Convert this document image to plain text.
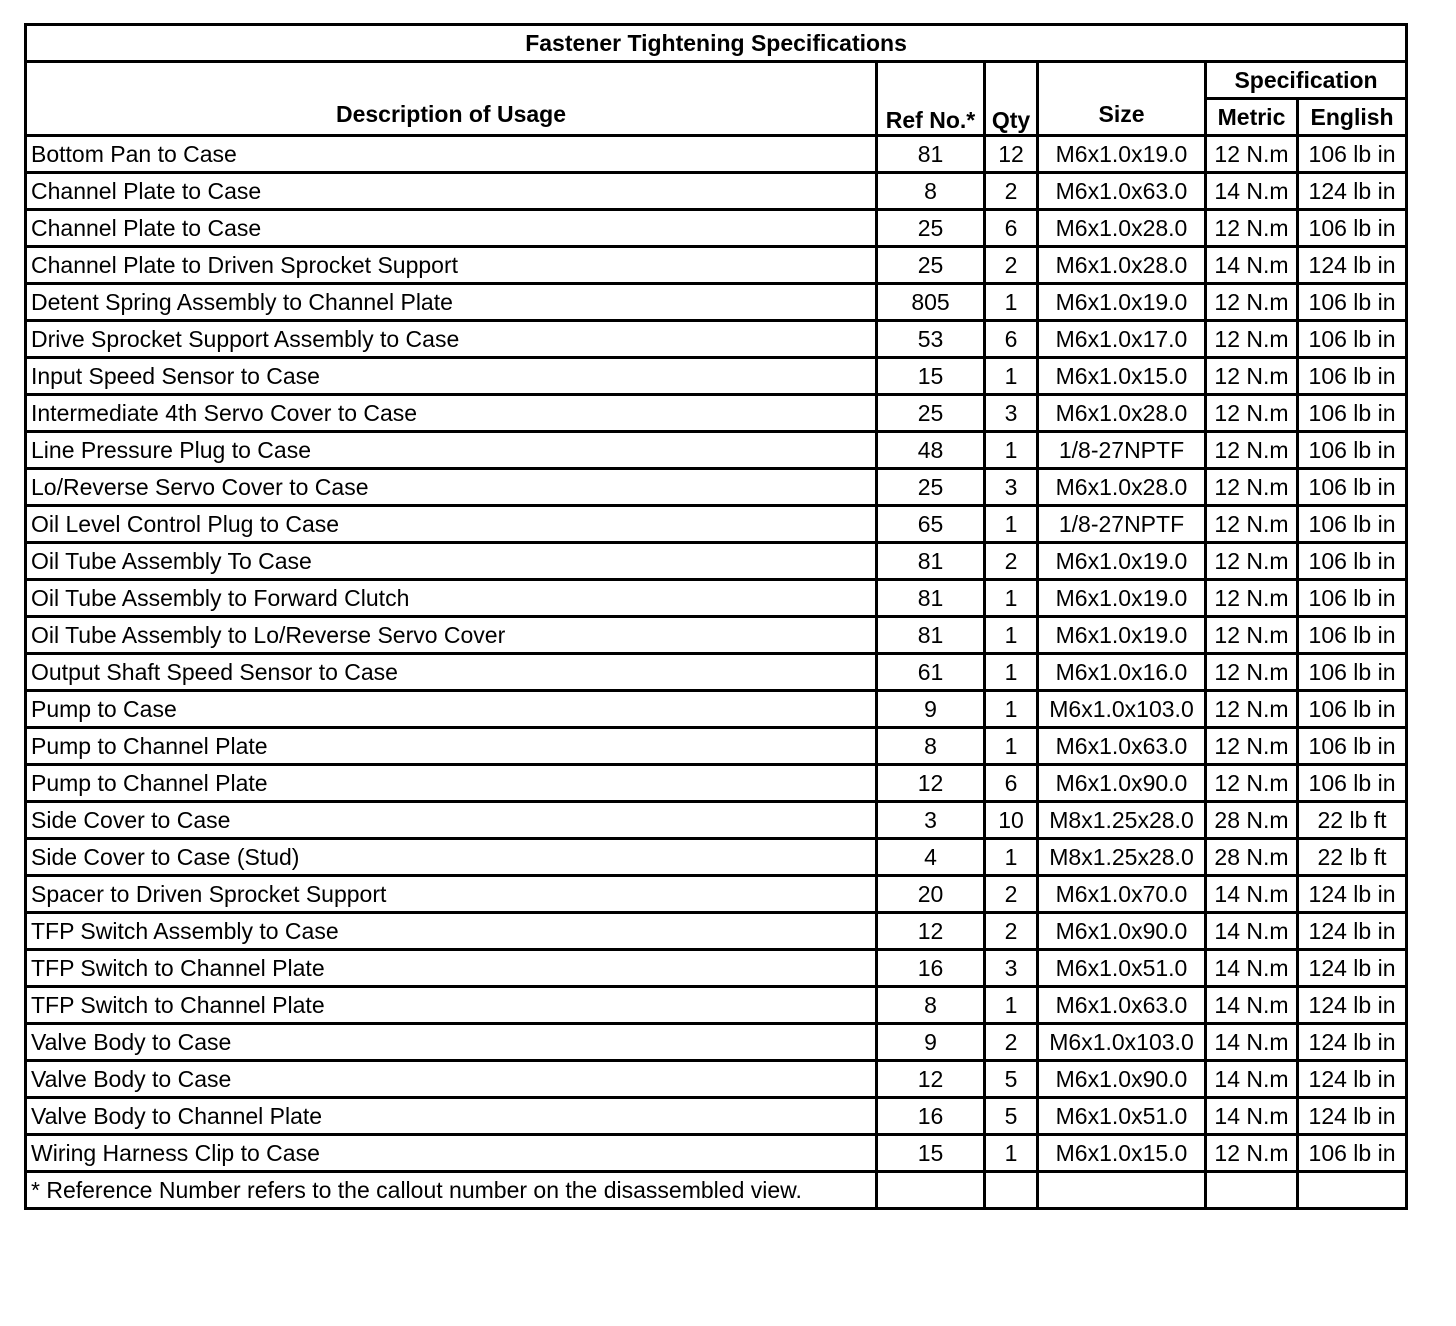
Fastener Tightening Specifications					
Description of Usage	Ref No.*	Qty	Size	Specification	
				Metric	English
Bottom Pan to Case	81	12	M6x1.0x19.0	12 N.m	106 lb in
Channel Plate to Case	8	2	M6x1.0x63.0	14 N.m	124 lb in
Channel Plate to Case	25	6	M6x1.0x28.0	12 N.m	106 lb in
Channel Plate to Driven Sprocket Support	25	2	M6x1.0x28.0	14 N.m	124 lb in
Detent Spring Assembly to Channel Plate	805	1	M6x1.0x19.0	12 N.m	106 lb in
Drive Sprocket Support Assembly to Case	53	6	M6x1.0x17.0	12 N.m	106 lb in
Input Speed Sensor to Case	15	1	M6x1.0x15.0	12 N.m	106 lb in
Intermediate 4th Servo Cover to Case	25	3	M6x1.0x28.0	12 N.m	106 lb in
Line Pressure Plug to Case	48	1	1/8-27NPTF	12 N.m	106 lb in
Lo/Reverse Servo Cover to Case	25	3	M6x1.0x28.0	12 N.m	106 lb in
Oil Level Control Plug to Case	65	1	1/8-27NPTF	12 N.m	106 lb in
Oil Tube Assembly To Case	81	2	M6x1.0x19.0	12 N.m	106 lb in
Oil Tube Assembly to Forward Clutch	81	1	M6x1.0x19.0	12 N.m	106 lb in
Oil Tube Assembly to Lo/Reverse Servo Cover	81	1	M6x1.0x19.0	12 N.m	106 lb in
Output Shaft Speed Sensor to Case	61	1	M6x1.0x16.0	12 N.m	106 lb in
Pump to Case	9	1	M6x1.0x103.0	12 N.m	106 lb in
Pump to Channel Plate	8	1	M6x1.0x63.0	12 N.m	106 lb in
Pump to Channel Plate	12	6	M6x1.0x90.0	12 N.m	106 lb in
Side Cover to Case	3	10	M8x1.25x28.0	28 N.m	22 lb ft
Side Cover to Case (Stud)	4	1	M8x1.25x28.0	28 N.m	22 lb ft
Spacer to Driven Sprocket Support	20	2	M6x1.0x70.0	14 N.m	124 lb in
TFP Switch Assembly to Case	12	2	M6x1.0x90.0	14 N.m	124 lb in
TFP Switch to Channel Plate	16	3	M6x1.0x51.0	14 N.m	124 lb in
TFP Switch to Channel Plate	8	1	M6x1.0x63.0	14 N.m	124 lb in
Valve Body to Case	9	2	M6x1.0x103.0	14 N.m	124 lb in
Valve Body to Case	12	5	M6x1.0x90.0	14 N.m	124 lb in
Valve Body to Channel Plate	16	5	M6x1.0x51.0	14 N.m	124 lb in
Wiring Harness Clip to Case	15	1	M6x1.0x15.0	12 N.m	106 lb in
* Reference Number refers to the callout number on the disassembled view.					
